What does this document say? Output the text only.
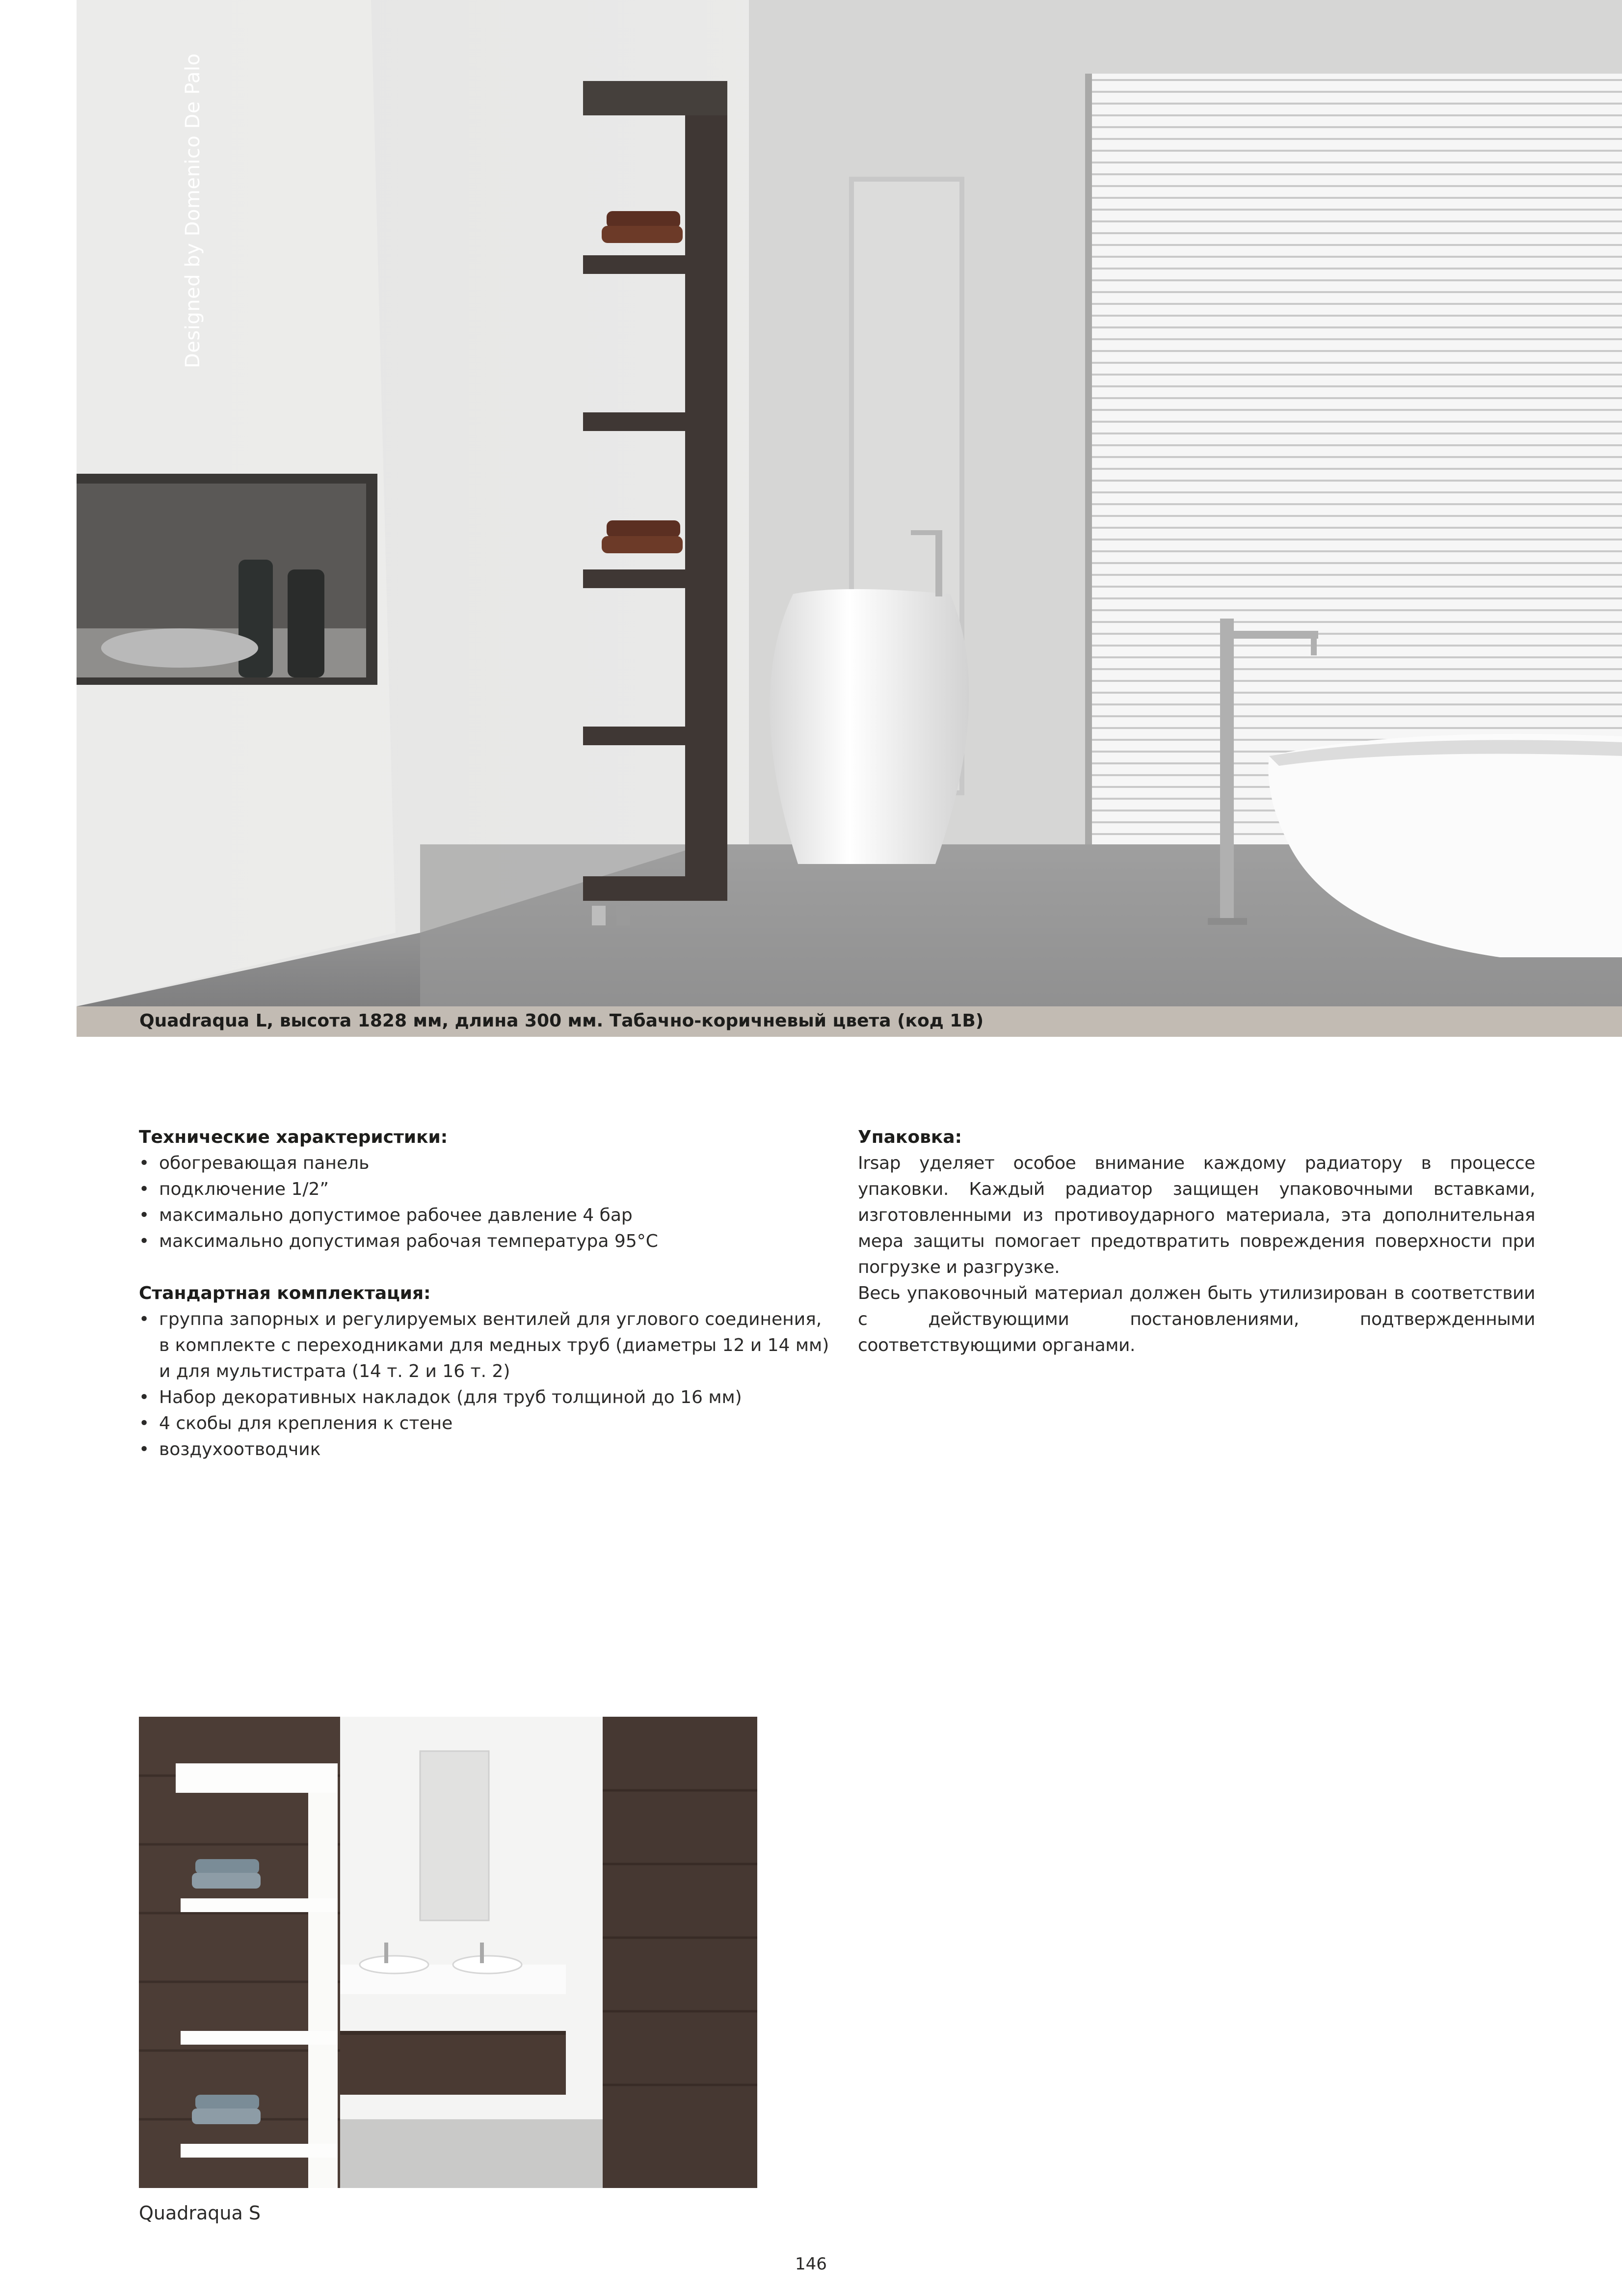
Designed by Domenico De Palo
Quadraqua L, высота 1828 мм, длина 300 мм. Табачно-коричневый цвета (код 1B)
Технические характеристики:
• обогревающая панель
• подключение 1/2”
• максимально допустимое рабочее давление 4 бар
• максимально допустимая рабочая температура 95°C
Стандартная комплектация:
• группа запорных и регулируемых вентилей для углового соединения,
в комплекте с переходниками для медных труб (диаметры 12 и 14 мм)
и для мультистрата (14 т. 2 и 16 т. 2)
• Набор декоративных накладок (для труб толщиной до 16 мм)
• 4 скобы для крепления к стене
• воздухоотводчик
Упаковка:

Irsap уделяет особое внимание каждому радиатору в процессе упаковки. Каждый радиатор защищен упаковочными вставками, изготовленными из противоударного материала, эта дополнительная мера защиты помогает предотвратить повреждения поверхности при погрузке и разгрузке.

Весь упаковочный материал должен быть утилизирован в соответствии с действующими постановлениями, подтвержденными соответствующими органами.

Quadraqua S
146
